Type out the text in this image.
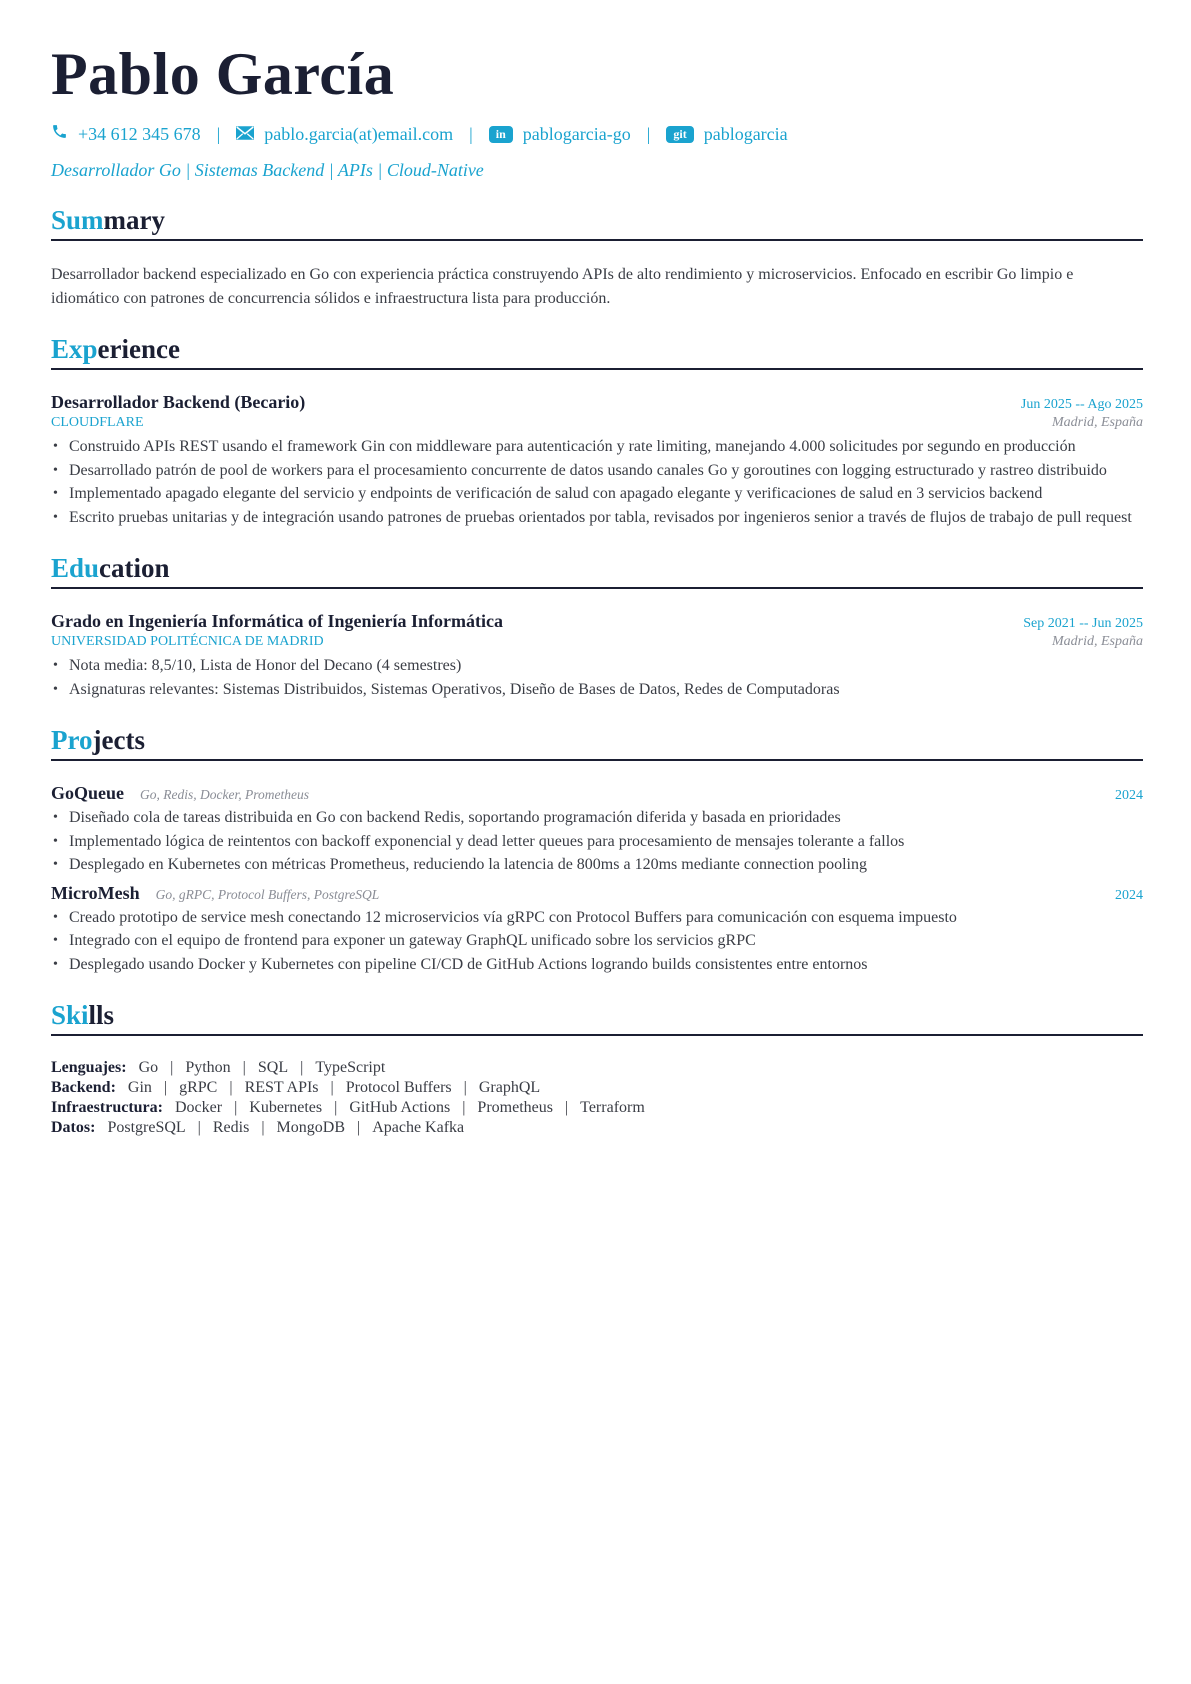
Pablo García
+34 612 345 678 | pablo.garcia(at)email.com |	in pablogarcia-go |	git pablogarcia
Desarrollador Go | Sistemas Backend | APIs | Cloud-Native
Summary
Desarrollador backend especializado en Go con experiencia práctica construyendo APIs de alto rendimiento y microservicios. Enfocado en escribir Go limpio e idiomático con patrones de concurrencia sólidos e infraestructura lista para producción.
Experience
Desarrollador Backend (Becario)	Jun 2025 -- Ago 2025
CLOUDFLARE	Madrid, España
• Construido APIs REST usando el framework Gin con middleware para autenticación y rate limiting, manejando 4.000 solicitudes por segundo en producción
• Desarrollado patrón de pool de workers para el procesamiento concurrente de datos usando canales Go y goroutines con logging estructurado y rastreo distribuido
• Implementado apagado elegante del servicio y endpoints de verificación de salud con apagado elegante y verificaciones de salud en 3 servicios backend
• Escrito pruebas unitarias y de integración usando patrones de pruebas orientados por tabla, revisados por ingenieros senior a través de flujos de trabajo de pull request
Education
Grado en Ingeniería Informática of Ingeniería Informática	Sep 2021 -- Jun 2025
UNIVERSIDAD POLITÉCNICA DE MADRID	Madrid, España
• Nota media: 8,5/10, Lista de Honor del Decano (4 semestres)
• Asignaturas relevantes: Sistemas Distribuidos, Sistemas Operativos, Diseño de Bases de Datos, Redes de Computadoras
Projects
GoQueue Go, Redis, Docker, Prometheus	2024
• Diseñado cola de tareas distribuida en Go con backend Redis, soportando programación diferida y basada en prioridades
• Implementado lógica de reintentos con backoff exponencial y dead letter queues para procesamiento de mensajes tolerante a fallos
• Desplegado en Kubernetes con métricas Prometheus, reduciendo la latencia de 800ms a 120ms mediante connection pooling
MicroMesh Go, gRPC, Protocol Buffers, PostgreSQL	2024
• Creado prototipo de service mesh conectando 12 microservicios vía gRPC con Protocol Buffers para comunicación con esquema impuesto
• Integrado con el equipo de frontend para exponer un gateway GraphQL unificado sobre los servicios gRPC
• Desplegado usando Docker y Kubernetes con pipeline CI/CD de GitHub Actions logrando builds consistentes entre entornos
Skills
Lenguajes: Go | Python | SQL | TypeScript
Backend: Gin | gRPC | REST APIs | Protocol Buffers | GraphQL
Infraestructura: Docker | Kubernetes | GitHub Actions | Prometheus | Terraform
Datos: PostgreSQL | Redis | MongoDB | Apache Kafka
